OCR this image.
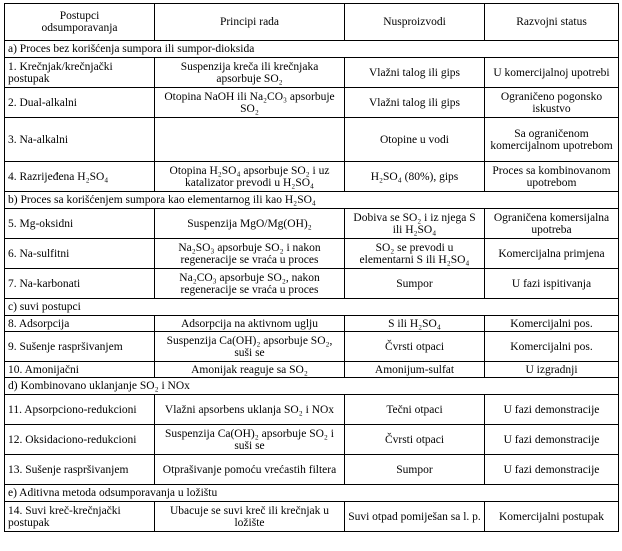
Postupci
odsumporavanja	Principi rada	Nusproizvodi	Razvojni status
a) Proces bez korišćenja sumpora ili sumpor-dioksida			
1. Krečnjak/krečnjački postupak	Suspenzija kreča ili krečnjaka apsorbuje SO₂	Vlažni talog ili gips	U komercijalnoj upotrebi
2. Dual-alkalni	Otopina NaOH ili Na₂CO₃ apsorbuje SO₂	Vlažni talog ili gips	Ograničeno pogonsko iskustvo
3. Na-alkalni		Otopine u vodi	Sa ograničenom komercijalnom upotrebom
4. Razrijeđena H₂SO₄	Otopina H₂SO₄ apsorbuje SO₂ i uz katalizator prevodi u H₂SO₄	H₂SO₄ (80%), gips	Proces sa kombinovanom upotrebom
b) Proces sa korišćenjem sumpora kao elementarnog ili kao H₂SO₄			
5. Mg-oksidni	Suspenzija MgO/Mg(OH)₂	Dobiva se SO₂ i iz njega S ili H₂SO₄	Ograničena komersijalna upotreba
6. Na-sulfitni	Na₂SO₃ apsorbuje SO₂ i nakon regeneracije se vraća u proces	SO₂ se prevodi u elementarni S ili H₂SO₄	Komercijalna primjena
7. Na-karbonati	Na₂CO₃ apsorbuje SO₂, nakon regeneracije se vraća u proces	Sumpor	U fazi ispitivanja
c) suvi postupci			
8. Adsorpcija	Adsorpcija na aktivnom uglju	S ili H₂SO₄	Komercijalni pos.
9. Sušenje raspršivanjem	Suspenzija Ca(OH)₂ apsorbuje SO₂, suši se	Čvrsti otpaci	Komercijalni pos.
10. Amonijačni	Amonijak reaguje sa SO₂	Amonijum-sulfat	U izgradnji
d) Kombinovano uklanjanje SO₂ i NOx			
11. Apsorpciono-redukcioni	Vlažni apsorbens uklanja SO₂ i NOx	Tečni otpaci	U fazi demonstracije
12. Oksidaciono-redukcioni	Suspenzija Ca(OH)₂ apsorbuje SO₂ i suši se	Čvrsti otpaci	U fazi demonstracije
13. Sušenje raspršivanjem	Otprašivanje pomoću vrećastih filtera	Sumpor	U fazi demonstracije
e) Aditivna metoda odsumporavanja u ložištu			
14. Suvi kreč-krečnjački postupak	Ubacuje se suvi kreč ili krečnjak u ložište	Suvi otpad pomiješan sa l. p.	Komercijalni postupak
